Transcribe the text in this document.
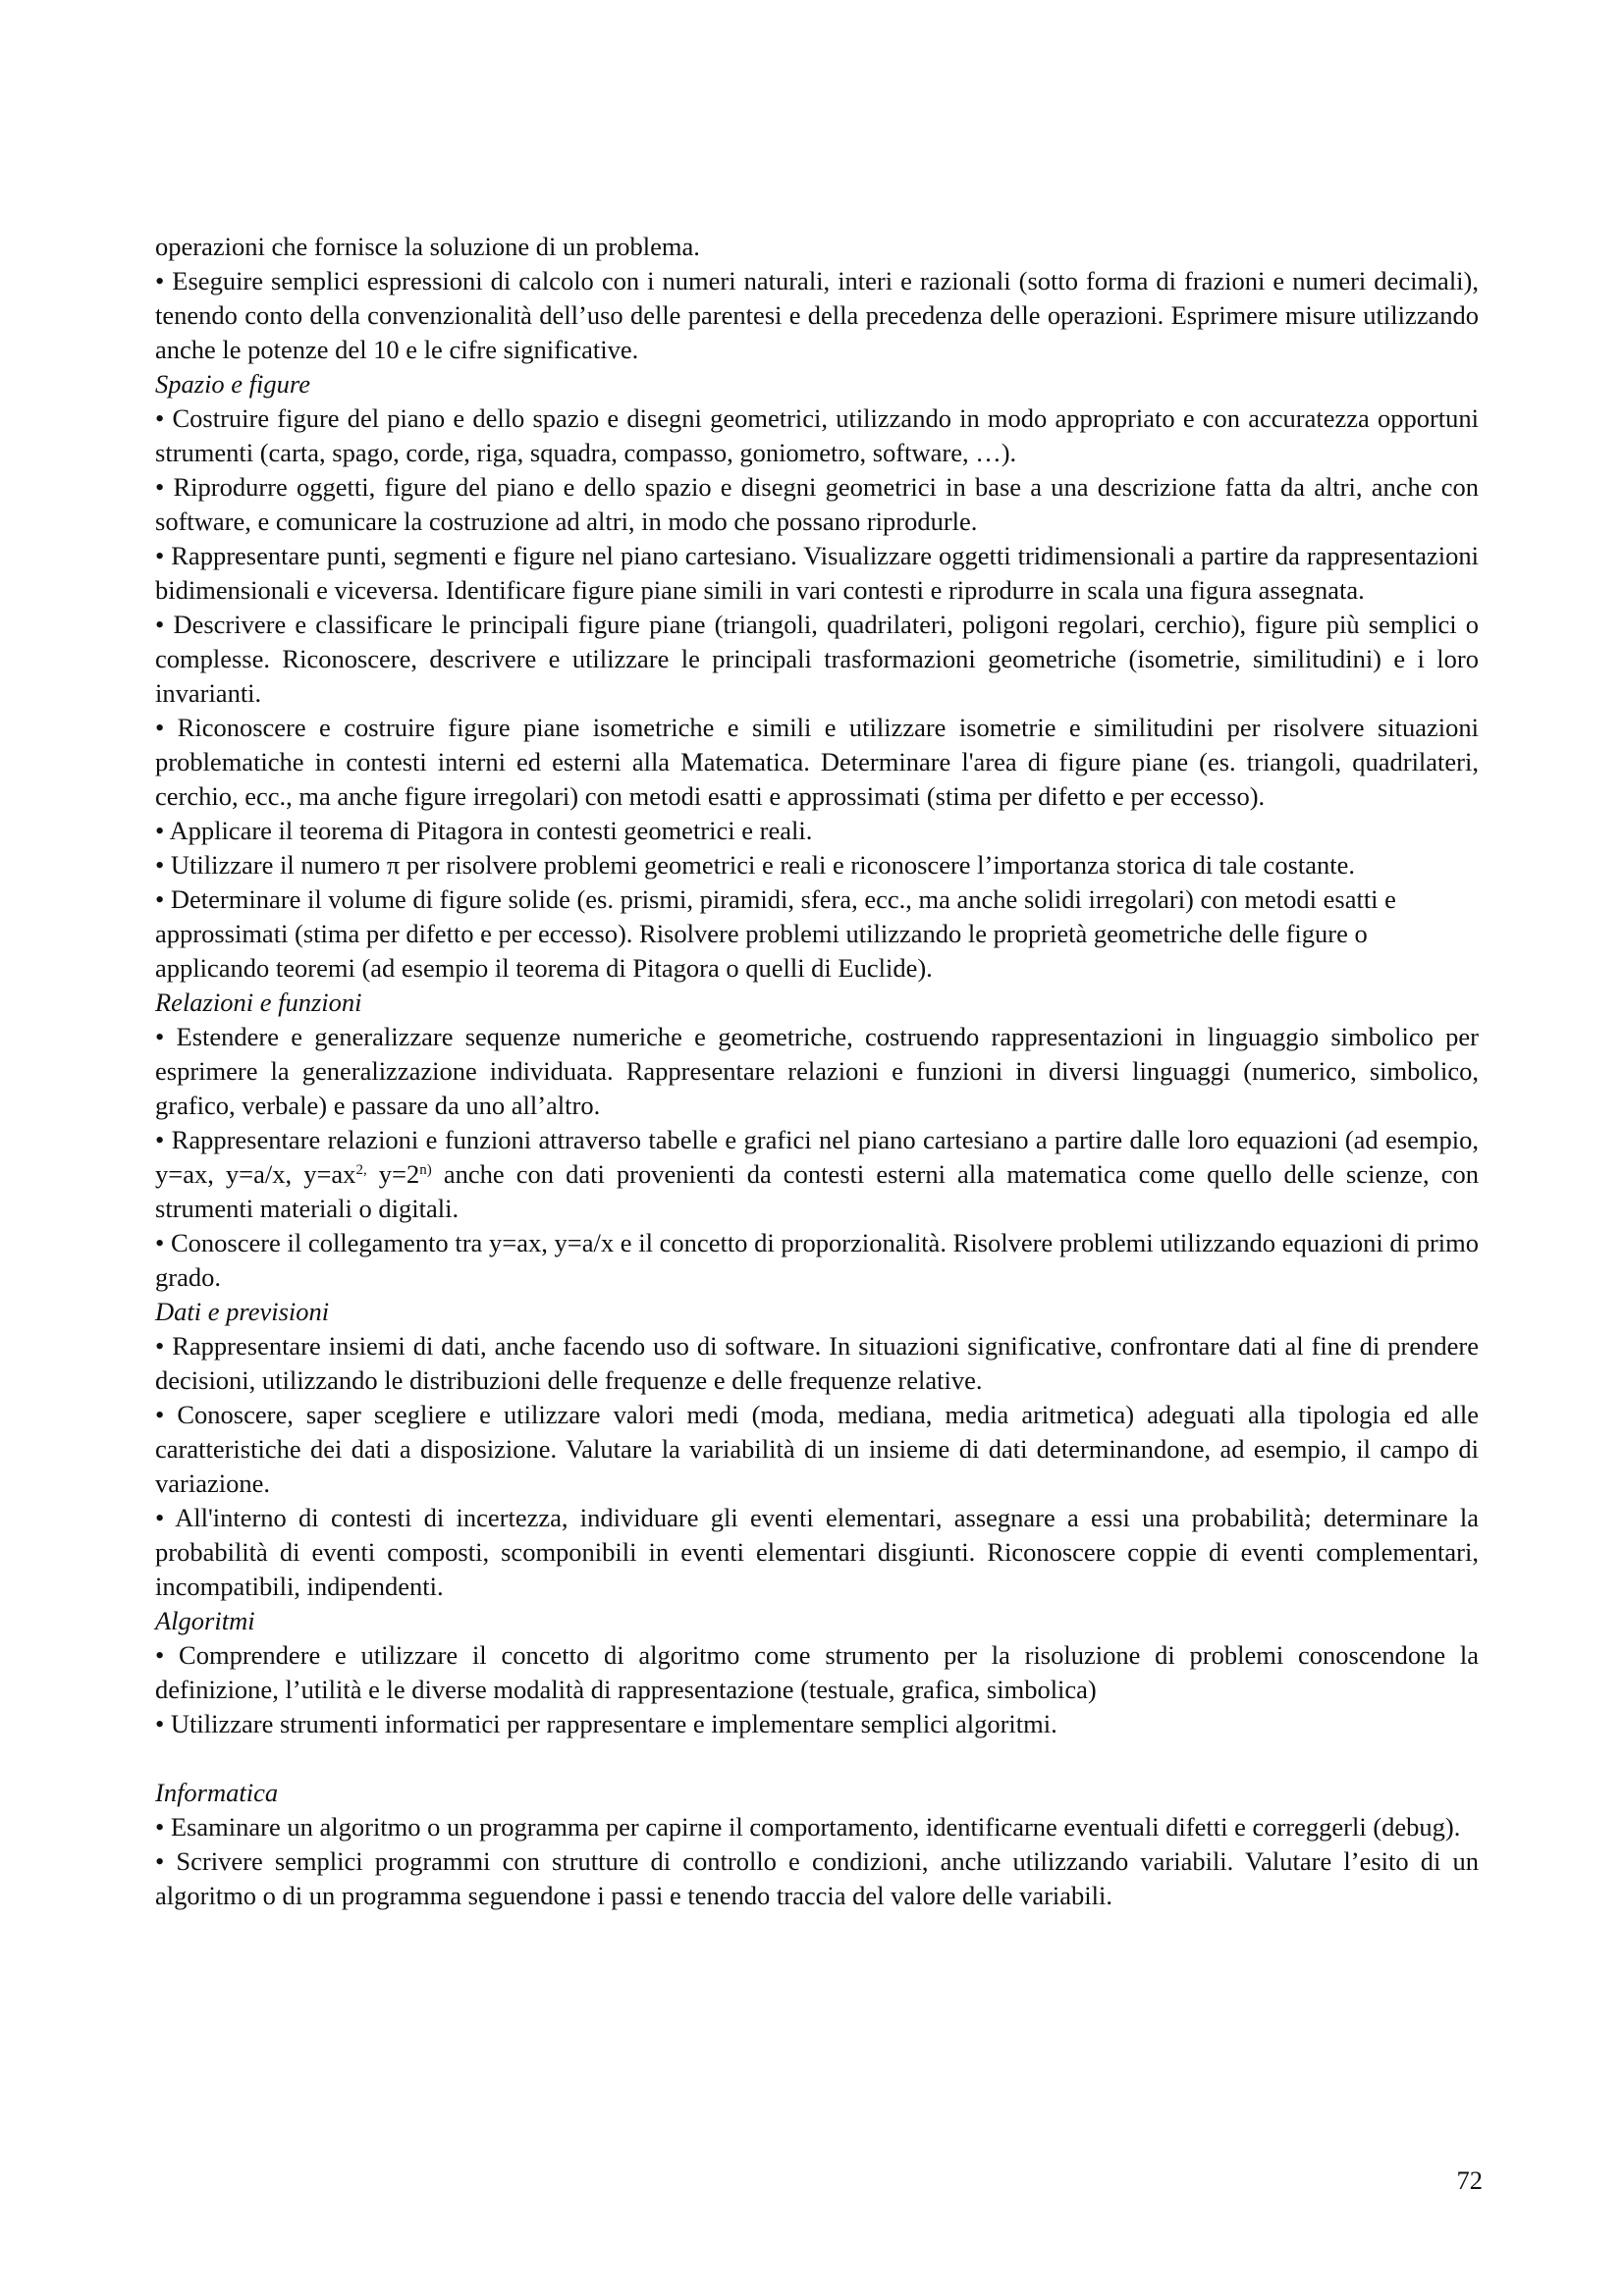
operazioni che fornisce la soluzione di un problema.

• Eseguire semplici espressioni di calcolo con i numeri naturali, interi e razionali (sotto forma di frazioni e numeri decimali), tenendo conto della convenzionalità dell’uso delle parentesi e della precedenza delle operazioni. Esprimere misure utilizzando anche le potenze del 10 e le cifre significative.

Spazio e figure

• Costruire figure del piano e dello spazio e disegni geometrici, utilizzando in modo appropriato e con accuratezza opportuni strumenti (carta, spago, corde, riga, squadra, compasso, goniometro, software, …).

• Riprodurre oggetti, figure del piano e dello spazio e disegni geometrici in base a una descrizione fatta da altri, anche con software, e comunicare la costruzione ad altri, in modo che possano riprodurle.

• Rappresentare punti, segmenti e figure nel piano cartesiano. Visualizzare oggetti tridimensionali a partire da rappresentazioni bidimensionali e viceversa. Identificare figure piane simili in vari contesti e riprodurre in scala una figura assegnata.

• Descrivere e classificare le principali figure piane (triangoli, quadrilateri, poligoni regolari, cerchio), figure più semplici o complesse. Riconoscere, descrivere e utilizzare le principali trasformazioni geometriche (isometrie, similitudini) e i loro invarianti.

• Riconoscere e costruire figure piane isometriche e simili e utilizzare isometrie e similitudini per risolvere situazioni problematiche in contesti interni ed esterni alla Matematica. Determinare l'area di figure piane (es. triangoli, quadrilateri, cerchio, ecc., ma anche figure irregolari) con metodi esatti e approssimati (stima per difetto e per eccesso).

• Applicare il teorema di Pitagora in contesti geometrici e reali.

• Utilizzare il numero π per risolvere problemi geometrici e reali e riconoscere l’importanza storica di tale costante.

• Determinare il volume di figure solide (es. prismi, piramidi, sfera, ecc., ma anche solidi irregolari) con metodi esatti e approssimati (stima per difetto e per eccesso). Risolvere problemi utilizzando le proprietà geometriche delle figure o applicando teoremi (ad esempio il teorema di Pitagora o quelli di Euclide).

Relazioni e funzioni

• Estendere e generalizzare sequenze numeriche e geometriche, costruendo rappresentazioni in linguaggio simbolico per esprimere la generalizzazione individuata. Rappresentare relazioni e funzioni in diversi linguaggi (numerico, simbolico, grafico, verbale) e passare da uno all’altro.

• Rappresentare relazioni e funzioni attraverso tabelle e grafici nel piano cartesiano a partire dalle loro equazioni (ad esempio, y=ax, y=a/x, $y=ax^{2,}$ $y=2^{n)}$ anche con dati provenienti da contesti esterni alla matematica come quello delle scienze, con strumenti materiali o digitali.

• Conoscere il collegamento tra y=ax, y=a/x e il concetto di proporzionalità. Risolvere problemi utilizzando equazioni di primo grado.

Dati e previsioni

• Rappresentare insiemi di dati, anche facendo uso di software. In situazioni significative, confrontare dati al fine di prendere decisioni, utilizzando le distribuzioni delle frequenze e delle frequenze relative.

• Conoscere, saper scegliere e utilizzare valori medi (moda, mediana, media aritmetica) adeguati alla tipologia ed alle caratteristiche dei dati a disposizione. Valutare la variabilità di un insieme di dati determinandone, ad esempio, il campo di variazione.

• All'interno di contesti di incertezza, individuare gli eventi elementari, assegnare a essi una probabilità; determinare la probabilità di eventi composti, scomponibili in eventi elementari disgiunti. Riconoscere coppie di eventi complementari, incompatibili, indipendenti.

Algoritmi

• Comprendere e utilizzare il concetto di algoritmo come strumento per la risoluzione di problemi conoscendone la definizione, l’utilità e le diverse modalità di rappresentazione (testuale, grafica, simbolica)

• Utilizzare strumenti informatici per rappresentare e implementare semplici algoritmi.

Informatica

• Esaminare un algoritmo o un programma per capirne il comportamento, identificarne eventuali difetti e correggerli (debug).

• Scrivere semplici programmi con strutture di controllo e condizioni, anche utilizzando variabili. Valutare l’esito di un algoritmo o di un programma seguendone i passi e tenendo traccia del valore delle variabili.

72
